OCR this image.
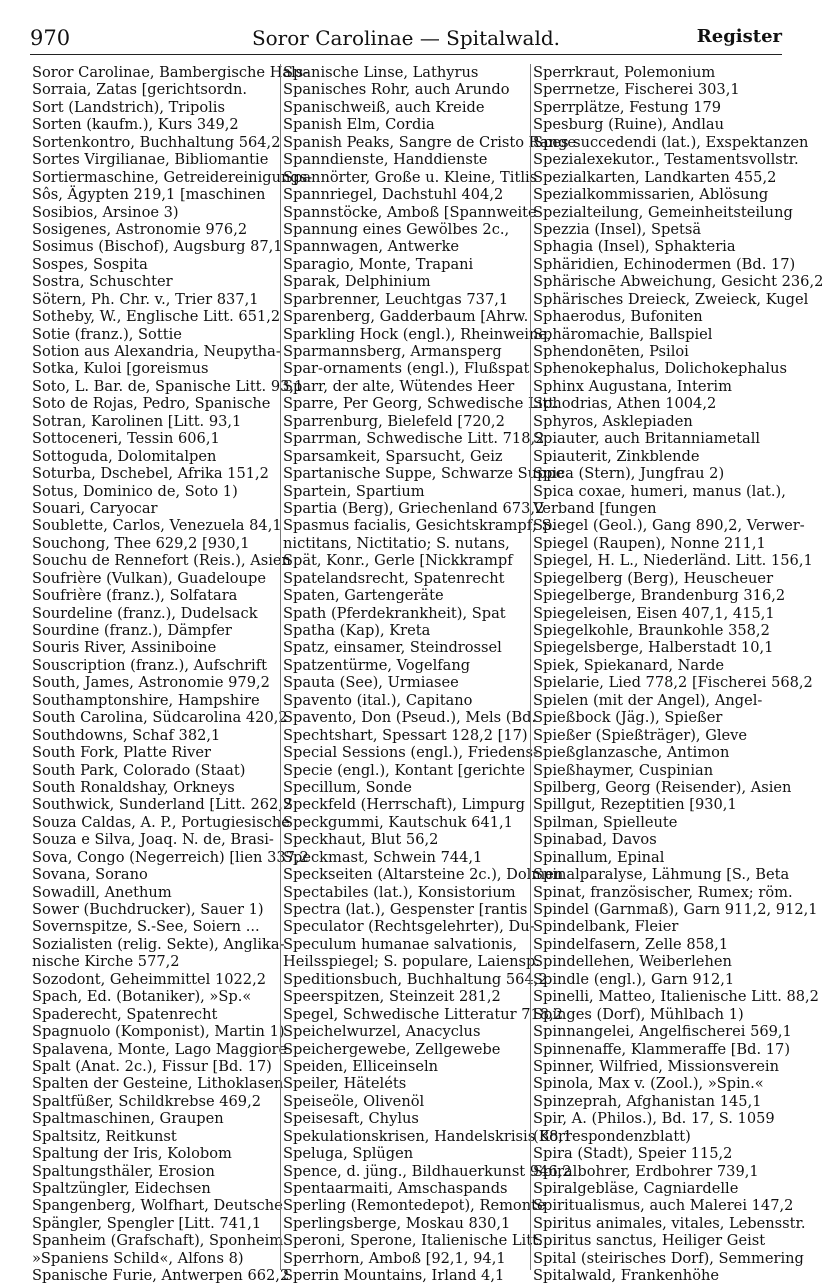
970	Soror Carolinae — Spitalwald.	Register
Soror Carolinae, Bambergische Hals-
Sorraia, Zatas [gerichtsordn.
Sort (Landstrich), Tripolis
Sorten (kaufm.), Kurs 349,2
Sortenkontro, Buchhaltung 564,2
Sortes Virgilianae, Bibliomantie
Sortiermaschine, Getreidereinigungs-
Sôs, Ägypten 219,1 [maschinen
Sosibios, Arsinoe 3)
Sosigenes, Astronomie 976,2
Sosimus (Bischof), Augsburg 87,1
Sospes, Sospita
Sostra, Schuschter
Sötern, Ph. Chr. v., Trier 837,1
Sotheby, W., Englische Litt. 651,2
Sotie (franz.), Sottie
Sotion aus Alexandria, Neupytha-
Sotka, Kuloi [goreismus
Soto, L. Bar. de, Spanische Litt. 93,1
Soto de Rojas, Pedro, Spanische
Sotran, Karolinen [Litt. 93,1
Sottoceneri, Tessin 606,1
Sottoguda, Dolomitalpen
Soturba, Dschebel, Afrika 151,2
Sotus, Dominico de, Soto 1)
Souari, Caryocar
Soublette, Carlos, Venezuela 84,1
Souchong, Thee 629,2 [930,1
Souchu de Rennefort (Reis.), Asien
Soufrière (Vulkan), Guadeloupe
Soufrière (franz.), Solfatara
Sourdeline (franz.), Dudelsack
Sourdine (franz.), Dämpfer
Souris River, Assiniboine
Souscription (franz.), Aufschrift
South, James, Astronomie 979,2
Southamptonshire, Hampshire
South Carolina, Südcarolina 420,2
Southdowns, Schaf 382,1
South Fork, Platte River
South Park, Colorado (Staat)
South Ronaldshay, Orkneys
Southwick, Sunderland [Litt. 262,2
Souza Caldas, A. P., Portugiesische
Souza e Silva, Joaq. N. de, Brasi-
Sova, Congo (Negerreich) [lien 337,2
Sovana, Sorano
Sowadill, Anethum
Sower (Buchdrucker), Sauer 1)
Sovernspitze, S.-See, Soiern ...
Sozialisten (relig. Sekte), Anglika-
nische Kirche 577,2
Sozodont, Geheimmittel 1022,2
Spach, Ed. (Botaniker), »Sp.«
Spaderecht, Spatenrecht
Spagnuolo (Komponist), Martin 1)
Spalavena, Monte, Lago Maggiore
Spalt (Anat. 2c.), Fissur [Bd. 17)
Spalten der Gesteine, Lithoklasen
Spaltfüßer, Schildkrebse 469,2
Spaltmaschinen, Graupen
Spaltsitz, Reitkunst
Spaltung der Iris, Kolobom
Spaltungsthäler, Erosion
Spaltzüngler, Eidechsen
Spangenberg, Wolfhart, Deutsche
Spängler, Spengler [Litt. 741,1
Spanheim (Grafschaft), Sponheim
»Spaniens Schild«, Alfons 8)
Spanische Furie, Antwerpen 662,2
Spanische Linse, Lathyrus
Spanisches Rohr, auch Arundo
Spanischweiß, auch Kreide
Spanish Elm, Cordia
Spanish Peaks, Sangre de Cristo Range
Spanndienste, Handdienste
Spannörter, Große u. Kleine, Titlis
Spannriegel, Dachstuhl 404,2
Spannstöcke, Amboß [Spannweite
Spannung eines Gewölbes 2c.,
Spannwagen, Antwerke
Sparagio, Monte, Trapani
Sparak, Delphinium
Sparbrenner, Leuchtgas 737,1
Sparenberg, Gadderbaum [Ahrw.
Sparkling Hock (engl.), Rheinweine,
Sparmannsberg, Armansperg
Spar-ornaments (engl.), Flußspat
Sparr, der alte, Wütendes Heer
Sparre, Per Georg, Schwedische Litt.
Sparrenburg, Bielefeld [720,2
Sparrman, Schwedische Litt. 718,2
Sparsamkeit, Sparsucht, Geiz
Spartanische Suppe, Schwarze Suppe
Spartein, Spartium
Spartia (Berg), Griechenland 673,2
Spasmus facialis, Gesichtskrampf; S.
nictitans, Nictitatio; S. nutans,
Spät, Konr., Gerle [Nickkrampf
Spatelandsrecht, Spatenrecht
Spaten, Gartengeräte
Spath (Pferdekrankheit), Spat
Spatha (Kap), Kreta
Spatz, einsamer, Steindrossel
Spatzentürme, Vogelfang
Spauta (See), Urmiasee
Spavento (ital.), Capitano
Spavento, Don (Pseud.), Mels (Bd.
Spechtshart, Spessart 128,2 [17)
Special Sessions (engl.), Friedens-
Specie (engl.), Kontant [gerichte
Specillum, Sonde
Speckfeld (Herrschaft), Limpurg
Speckgummi, Kautschuk 641,1
Speckhaut, Blut 56,2
Speckmast, Schwein 744,1
Speckseiten (Altarsteine 2c.), Dolmen
Spectabiles (lat.), Konsistorium
Spectra (lat.), Gespenster [rantis
Speculator (Rechtsgelehrter), Du-
Speculum humanae salvationis,
Heilsspiegel; S. populare, Laiensp.
Speditionsbuch, Buchhaltung 564,2
Speerspitzen, Steinzeit 281,2
Spegel, Schwedische Litteratur 718,2
Speichelwurzel, Anacyclus
Speichergewebe, Zellgewebe
Speiden, Elliceinseln
Speiler, Häteléts
Speiseöle, Olivenöl
Speisesaft, Chylus
Spekulationskrisen, Handelskrisis 88,1
Speluga, Splügen
Spence, d. jüng., Bildhauerkunst 946,2
Spentaarmaiti, Amschaspands
Sperling (Remontedepot), Remonte
Sperlingsberge, Moskau 830,1
Speroni, Sperone, Italienische Litt.
Sperrhorn, Amboß [92,1, 94,1
Sperrin Mountains, Irland 4,1
Sperrkraut, Polemonium
Sperrnetze, Fischerei 303,1
Sperrplätze, Festung 179
Spesburg (Ruine), Andlau
Spes succedendi (lat.), Exspektanzen
Spezialexekutor., Testamentsvollstr.
Spezialkarten, Landkarten 455,2
Spezialkommissarien, Ablösung
Spezialteilung, Gemeinheitsteilung
Spezzia (Insel), Spetsä
Sphagia (Insel), Sphakteria
Sphäridien, Echinodermen (Bd. 17)
Sphärische Abweichung, Gesicht 236,2
Sphärisches Dreieck, Zweieck, Kugel
Sphaerodus, Bufoniten
Sphäromachie, Ballspiel
Sphendonēten, Psiloi
Sphenokephalus, Dolichokephalus
Sphinx Augustana, Interim
Sphodrias, Athen 1004,2
Sphyros, Asklepiaden
Spiauter, auch Britanniametall
Spiauterit, Zinkblende
Spica (Stern), Jungfrau 2)
Spica coxae, humeri, manus (lat.),
Verband [fungen
Spiegel (Geol.), Gang 890,2, Verwer-
Spiegel (Raupen), Nonne 211,1
Spiegel, H. L., Niederländ. Litt. 156,1
Spiegelberg (Berg), Heuscheuer
Spiegelberge, Brandenburg 316,2
Spiegeleisen, Eisen 407,1, 415,1
Spiegelkohle, Braunkohle 358,2
Spiegelsberge, Halberstadt 10,1
Spiek, Spiekanard, Narde
Spielarie, Lied 778,2 [Fischerei 568,2
Spielen (mit der Angel), Angel-
Spießbock (Jäg.), Spießer
Spießer (Spießträger), Gleve
Spießglanzasche, Antimon
Spießhaymer, Cuspinian
Spilberg, Georg (Reisender), Asien
Spillgut, Rezeptitien [930,1
Spilman, Spielleute
Spinabad, Davos
Spinallum, Epinal
Spinalparalyse, Lähmung [S., Beta
Spinat, französischer, Rumex; röm.
Spindel (Garnmaß), Garn 911,2, 912,1
Spindelbank, Fleier
Spindelfasern, Zelle 858,1
Spindellehen, Weiberlehen
Spindle (engl.), Garn 912,1
Spinelli, Matteo, Italienische Litt. 88,2
Spinges (Dorf), Mühlbach 1)
Spinnangelei, Angelfischerei 569,1
Spinnenaffe, Klammeraffe [Bd. 17)
Spinner, Wilfried, Missionsverein
Spinola, Max v. (Zool.), »Spin.«
Spinzeprah, Afghanistan 145,1
Spir, A. (Philos.), Bd. 17, S. 1059
(Korrespondenzblatt)
Spira (Stadt), Speier 115,2
Spiralbohrer, Erdbohrer 739,1
Spiralgebläse, Cagniardelle
Spiritualismus, auch Malerei 147,2
Spiritus animales, vitales, Lebensstr.
Spiritus sanctus, Heiliger Geist
Spital (steirisches Dorf), Semmering
Spitalwald, Frankenhöhe
